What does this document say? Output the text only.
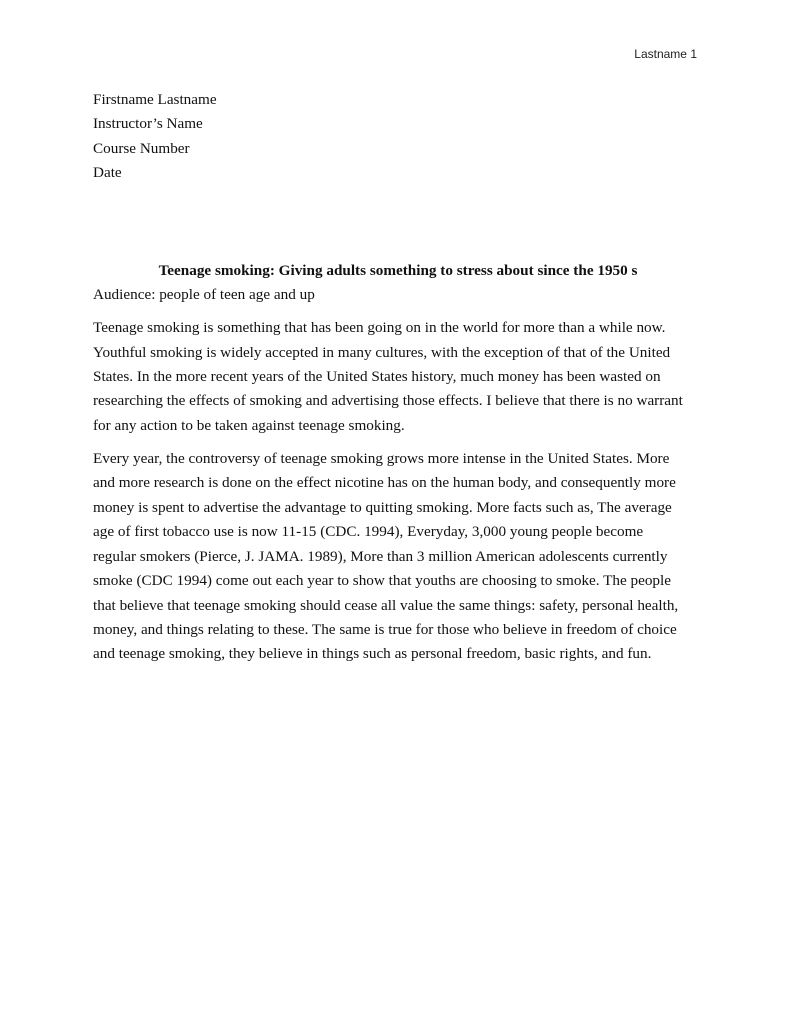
Lastname 1

Firstname Lastname

Instructor’s Name

Course Number

Date

Teenage smoking: Giving adults something to stress about since the 1950 s

Audience: people of teen age and up

Teenage smoking is something that has been going on in the world for more than a while now.
Youthful smoking is widely accepted in many cultures, with the exception of that of the United
States. In the more recent years of the United States history, much money has been wasted on
researching the effects of smoking and advertising those effects. I believe that there is no warrant
for any action to be taken against teenage smoking.
Every year, the controversy of teenage smoking grows more intense in the United States. More
and more research is done on the effect nicotine has on the human body, and consequently more
money is spent to advertise the advantage to quitting smoking. More facts such as, The average
age of first tobacco use is now 11-15 (CDC. 1994), Everyday, 3,000 young people become
regular smokers (Pierce, J. JAMA. 1989), More than 3 million American adolescents currently
smoke (CDC 1994) come out each year to show that youths are choosing to smoke. The people
that believe that teenage smoking should cease all value the same things: safety, personal health,
money, and things relating to these. The same is true for those who believe in freedom of choice
and teenage smoking, they believe in things such as personal freedom, basic rights, and fun.
